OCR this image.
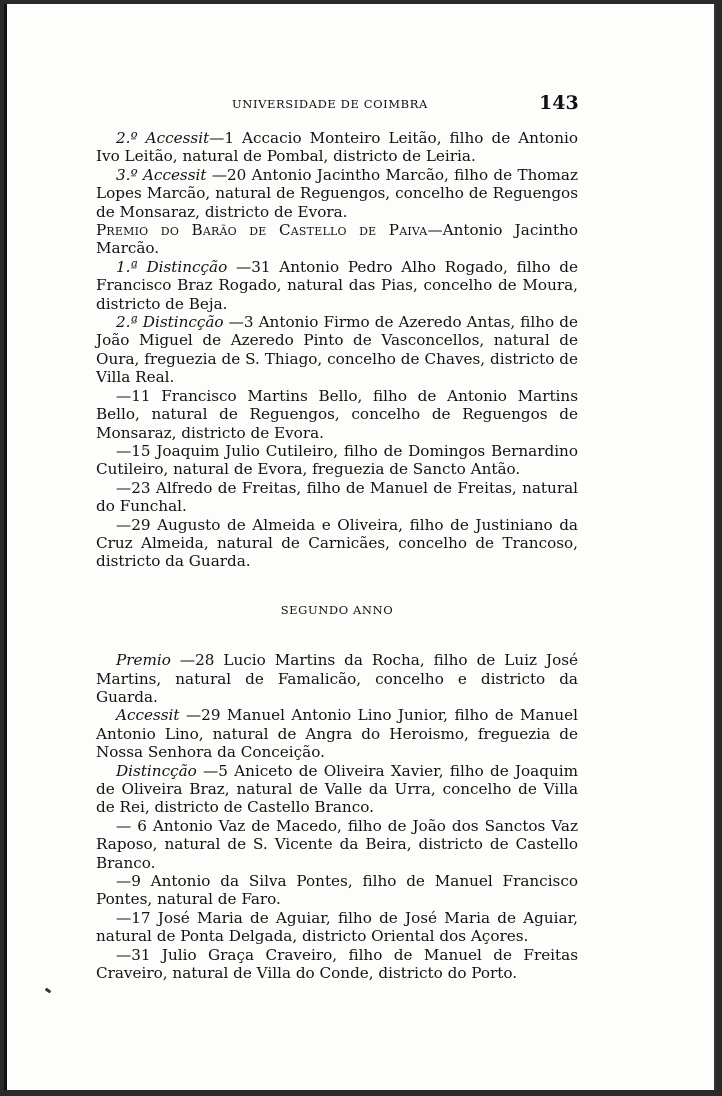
UNIVERSIDADE DE COIMBRA	143

2.º Accessit—1 Accacio Monteiro Leitão, filho de Antonio Ivo Leitão, natural de Pombal, districto de Leiria.

3.º Accessit —20 Antonio Jacintho Marcão, filho de Thomaz Lopes Marcão, natural de Reguengos, concelho de Reguengos de Monsaraz, districto de Evora.

Premio do Barão de Castello de Paiva—Antonio Jacintho Marcão.

1.ª Distincção —31 Antonio Pedro Alho Rogado, filho de Francisco Braz Rogado, natural das Pias, concelho de Moura, districto de Beja.

2.ª Distincção —3 Antonio Firmo de Azeredo Antas, filho de João Miguel de Azeredo Pinto de Vasconcellos, natural de Oura, freguezia de S. Thiago, concelho de Chaves, districto de Villa Real.

—11 Francisco Martins Bello, filho de Antonio Martins Bello, natural de Reguengos, concelho de Reguengos de Monsaraz, districto de Evora.

—15 Joaquim Julio Cutileiro, filho de Domingos Bernardino Cutileiro, natural de Evora, freguezia de Sancto Antão.

—23 Alfredo de Freitas, filho de Manuel de Freitas, natural do Funchal.

—29 Augusto de Almeida e Oliveira, filho de Justiniano da Cruz Almeida, natural de Carnicães, concelho de Trancoso, districto da Guarda.

SEGUNDO ANNO

Premio —28 Lucio Martins da Rocha, filho de Luiz José Martins, natural de Famalicão, concelho e districto da Guarda.

Accessit —29 Manuel Antonio Lino Junior, filho de Manuel Antonio Lino, natural de Angra do Heroismo, freguezia de Nossa Senhora da Conceição.

Distincção —5 Aniceto de Oliveira Xavier, filho de Joaquim de Oliveira Braz, natural de Valle da Urra, concelho de Villa de Rei, districto de Castello Branco.

— 6 Antonio Vaz de Macedo, filho de João dos Sanctos Vaz Raposo, natural de S. Vicente da Beira, districto de Castello Branco.

—9 Antonio da Silva Pontes, filho de Manuel Francisco Pontes, natural de Faro.

—17 José Maria de Aguiar, filho de José Maria de Aguiar, natural de Ponta Delgada, districto Oriental dos Açores.

—31 Julio Graça Craveiro, filho de Manuel de Freitas Craveiro, natural de Villa do Conde, districto do Porto.
